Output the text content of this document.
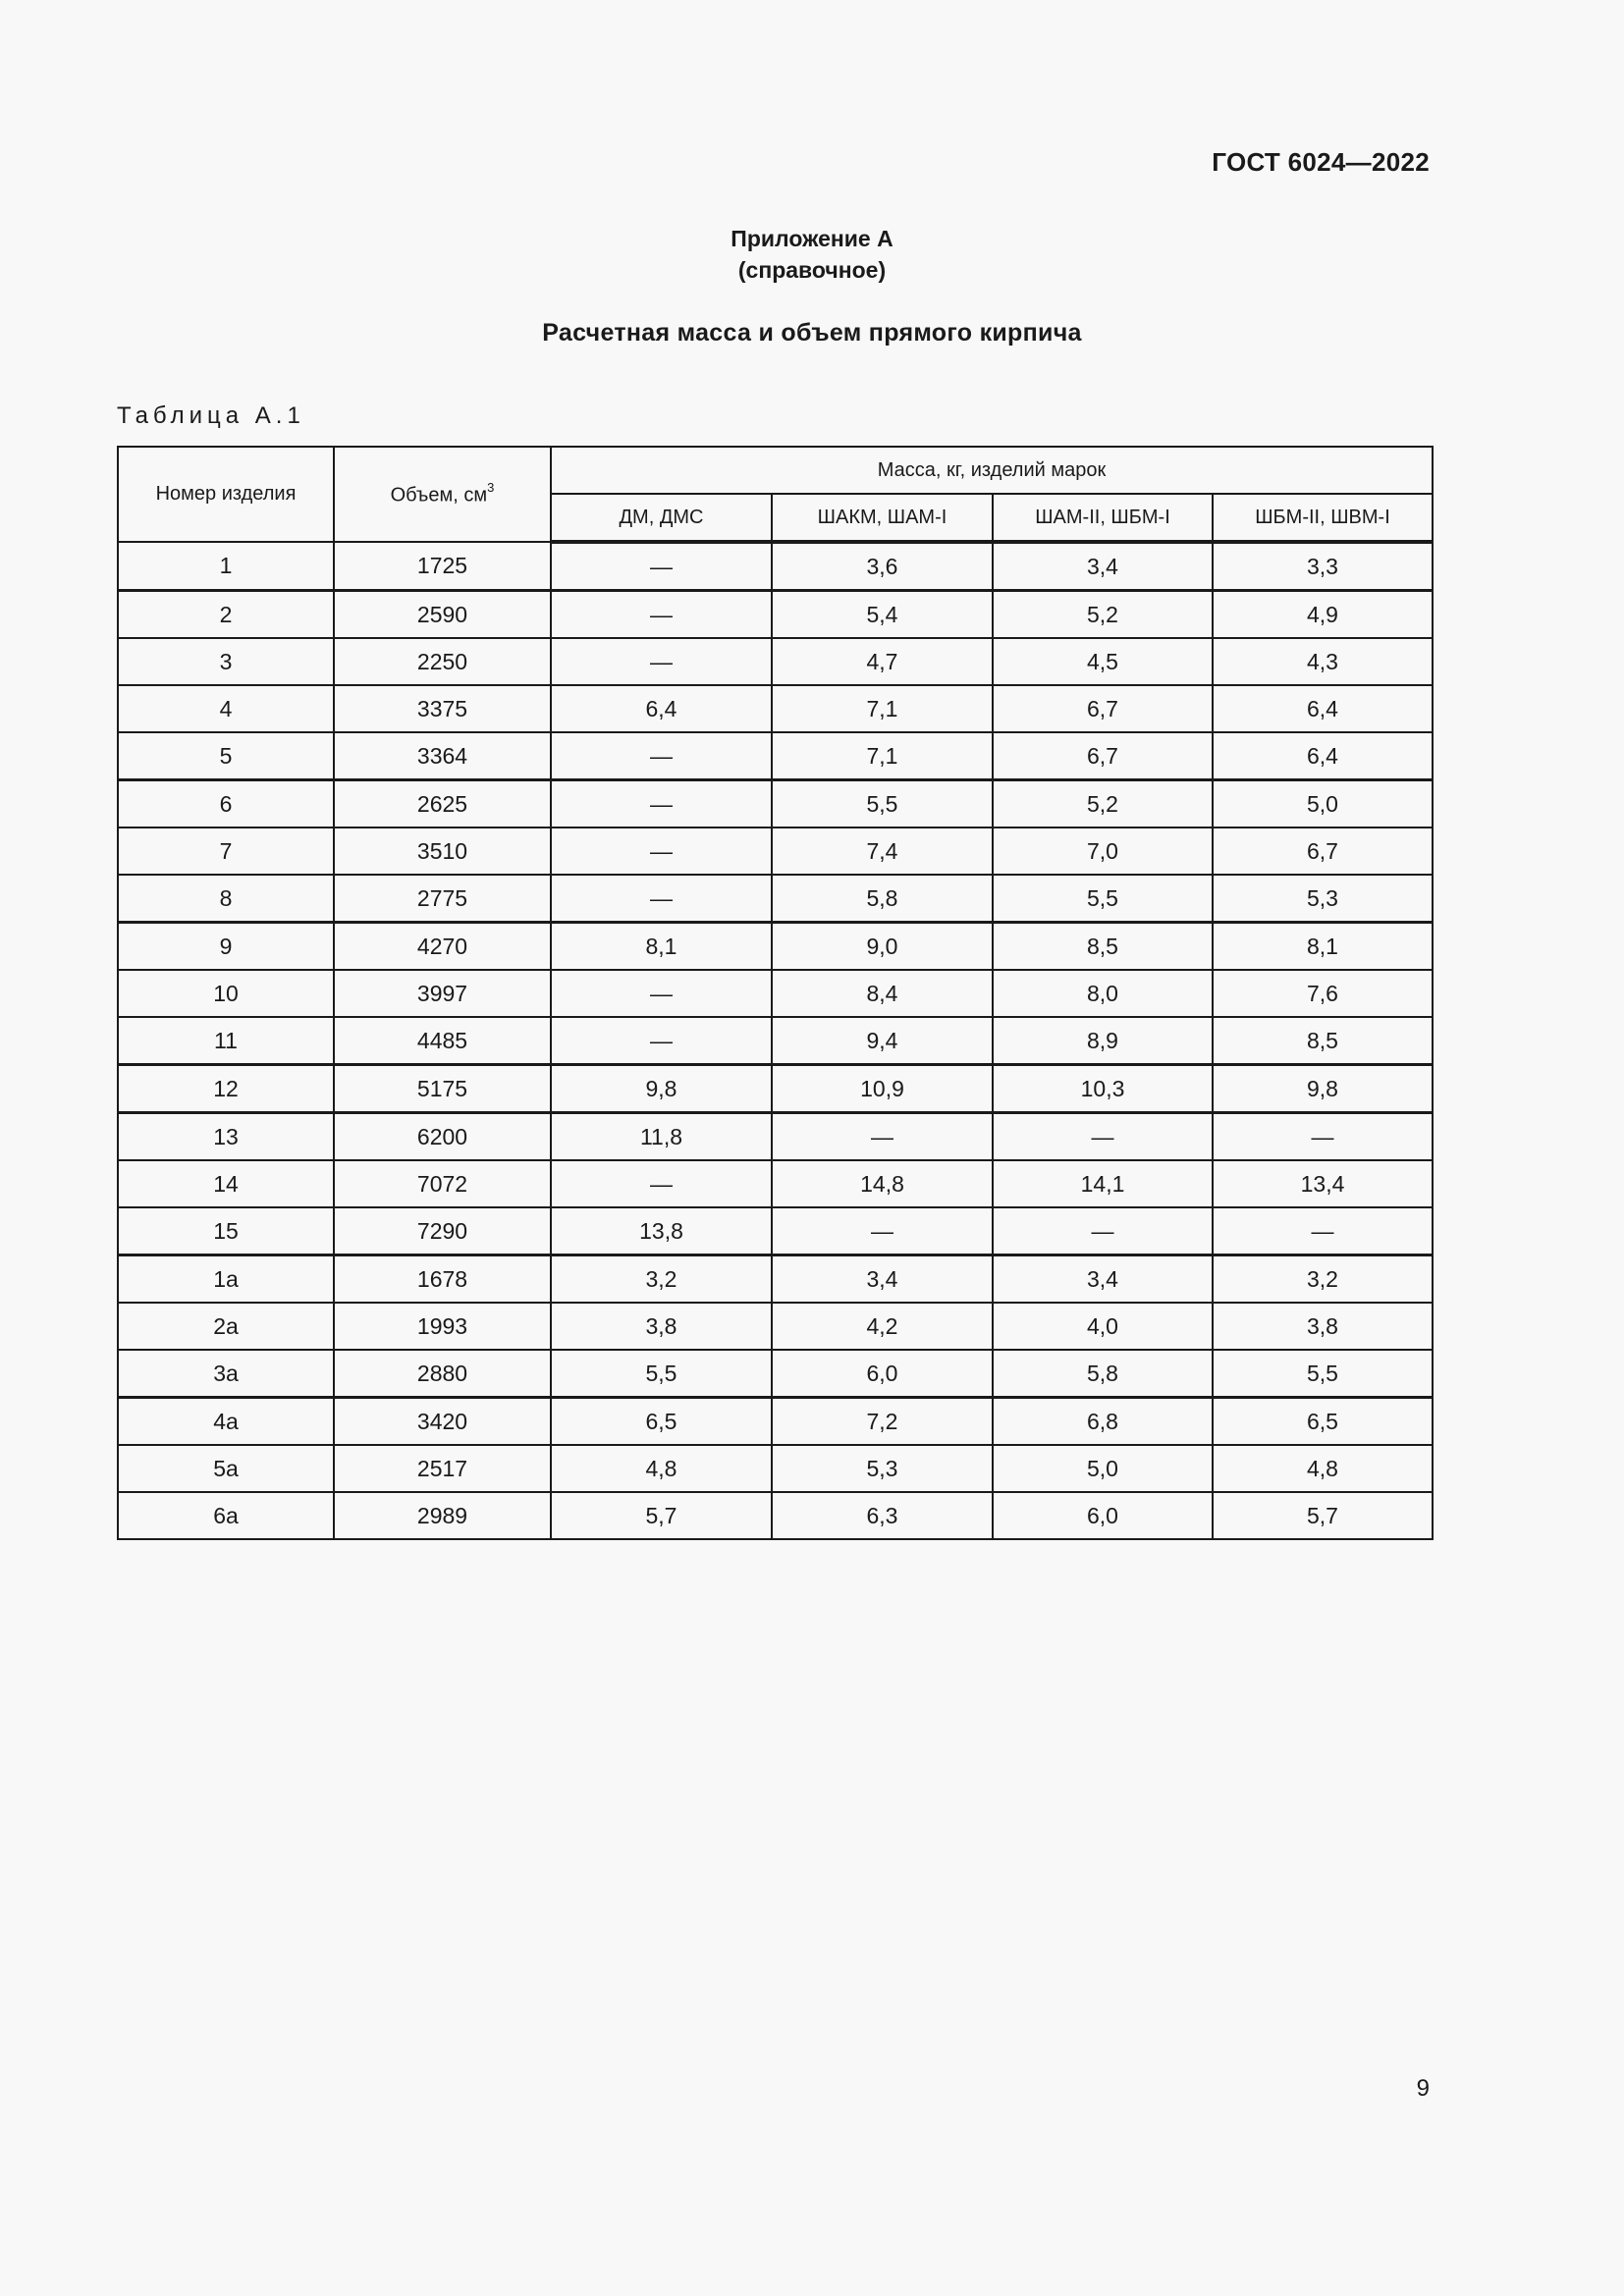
ГОСТ 6024—2022
Приложение А
(справочное)
Расчетная масса и объем прямого кирпича
Таблица А.1
Номер изделия	Объем, $см^3$	Масса, кг, изделий марок			
		ДМ, ДМС	ШАКМ, ШАМ-I	ШАМ-II, ШБМ-I	ШБМ-II, ШВМ-I
1	1725	—	3,6	3,4	3,3
2	2590	—	5,4	5,2	4,9
3	2250	—	4,7	4,5	4,3
4	3375	6,4	7,1	6,7	6,4
5	3364	—	7,1	6,7	6,4
6	2625	—	5,5	5,2	5,0
7	3510	—	7,4	7,0	6,7
8	2775	—	5,8	5,5	5,3
9	4270	8,1	9,0	8,5	8,1
10	3997	—	8,4	8,0	7,6
11	4485	—	9,4	8,9	8,5
12	5175	9,8	10,9	10,3	9,8
13	6200	11,8	—	—	—
14	7072	—	14,8	14,1	13,4
15	7290	13,8	—	—	—
1а	1678	3,2	3,4	3,4	3,2
2а	1993	3,8	4,2	4,0	3,8
3а	2880	5,5	6,0	5,8	5,5
4а	3420	6,5	7,2	6,8	6,5
5а	2517	4,8	5,3	5,0	4,8
6а	2989	5,7	6,3	6,0	5,7
9
